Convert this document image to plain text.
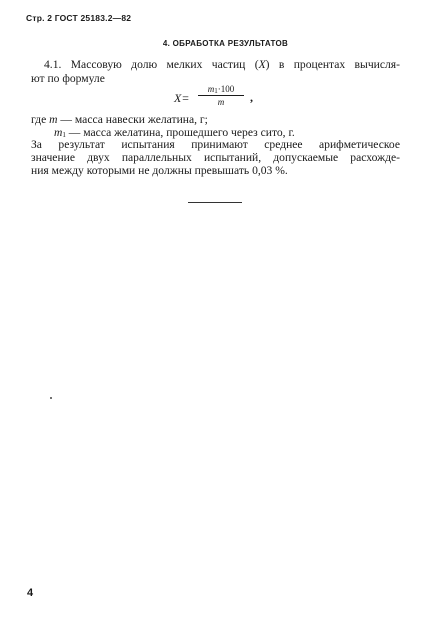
Стр. 2 ГОСТ 25183.2—82
4. ОБРАБОТКА РЕЗУЛЬТАТОВ
4.1. Массовую долю мелких частиц (X) в процентах вычисля-
ют по формуле
X=
$m_1\cdot 100$
m	,
где m — масса навески желатина, г;
$m_1$ — масса желатина, прошедшего через сито, г.
За результат испытания принимают среднее арифметическое
значение двух параллельных испытаний, допускаемые расхожде-
ния между которыми не должны превышать 0,03 %.
4
